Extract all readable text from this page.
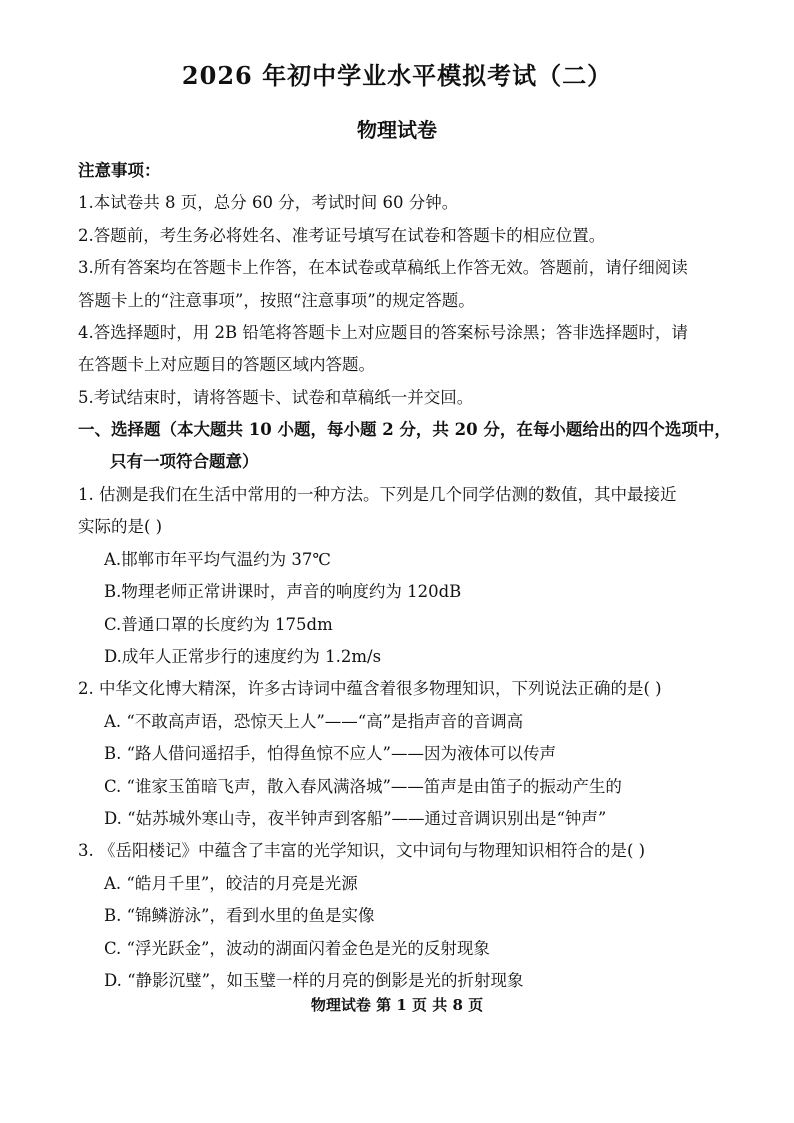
2026 年初中学业水平模拟考试（二）
物理试卷
注意事项：
1.本试卷共 8 页，总分 60 分，考试时间 60 分钟。
2.答题前，考生务必将姓名、准考证号填写在试卷和答题卡的相应位置。
3.所有答案均在答题卡上作答，在本试卷或草稿纸上作答无效。答题前，请仔细阅读
答题卡上的“注意事项”，按照“注意事项”的规定答题。
4.答选择题时，用 2B 铅笔将答题卡上对应题目的答案标号涂黑；答非选择题时，请
在答题卡上对应题目的答题区域内答题。
5.考试结束时，请将答题卡、试卷和草稿纸一并交回。
一、选择题（本大题共 10 小题，每小题 2 分，共 20 分，在每小题给出的四个选项中，
只有一项符合题意）
1. 估测是我们在生活中常用的一种方法。下列是几个同学估测的数值，其中最接近
实际的是( )
A.邯郸市年平均气温约为 37℃
B.物理老师正常讲课时，声音的响度约为 120dB
C.普通口罩的长度约为 175dm
D.成年人正常步行的速度约为 1.2m/s
2. 中华文化博大精深，许多古诗词中蕴含着很多物理知识，下列说法正确的是( )
A. “不敢高声语，恐惊天上人”——“高”是指声音的音调高
B. “路人借问遥招手，怕得鱼惊不应人”——因为液体可以传声
C. “谁家玉笛暗飞声，散入春风满洛城”——笛声是由笛子的振动产生的
D. “姑苏城外寒山寺，夜半钟声到客船”——通过音调识别出是“钟声”
3. 《岳阳楼记》中蕴含了丰富的光学知识，文中词句与物理知识相符合的是( )
A. “皓月千里”，皎洁的月亮是光源
B. “锦鳞游泳”，看到水里的鱼是实像
C. “浮光跃金”，波动的湖面闪着金色是光的反射现象
D. “静影沉璧”，如玉璧一样的月亮的倒影是光的折射现象
物理试卷 第 1 页 共 8 页
